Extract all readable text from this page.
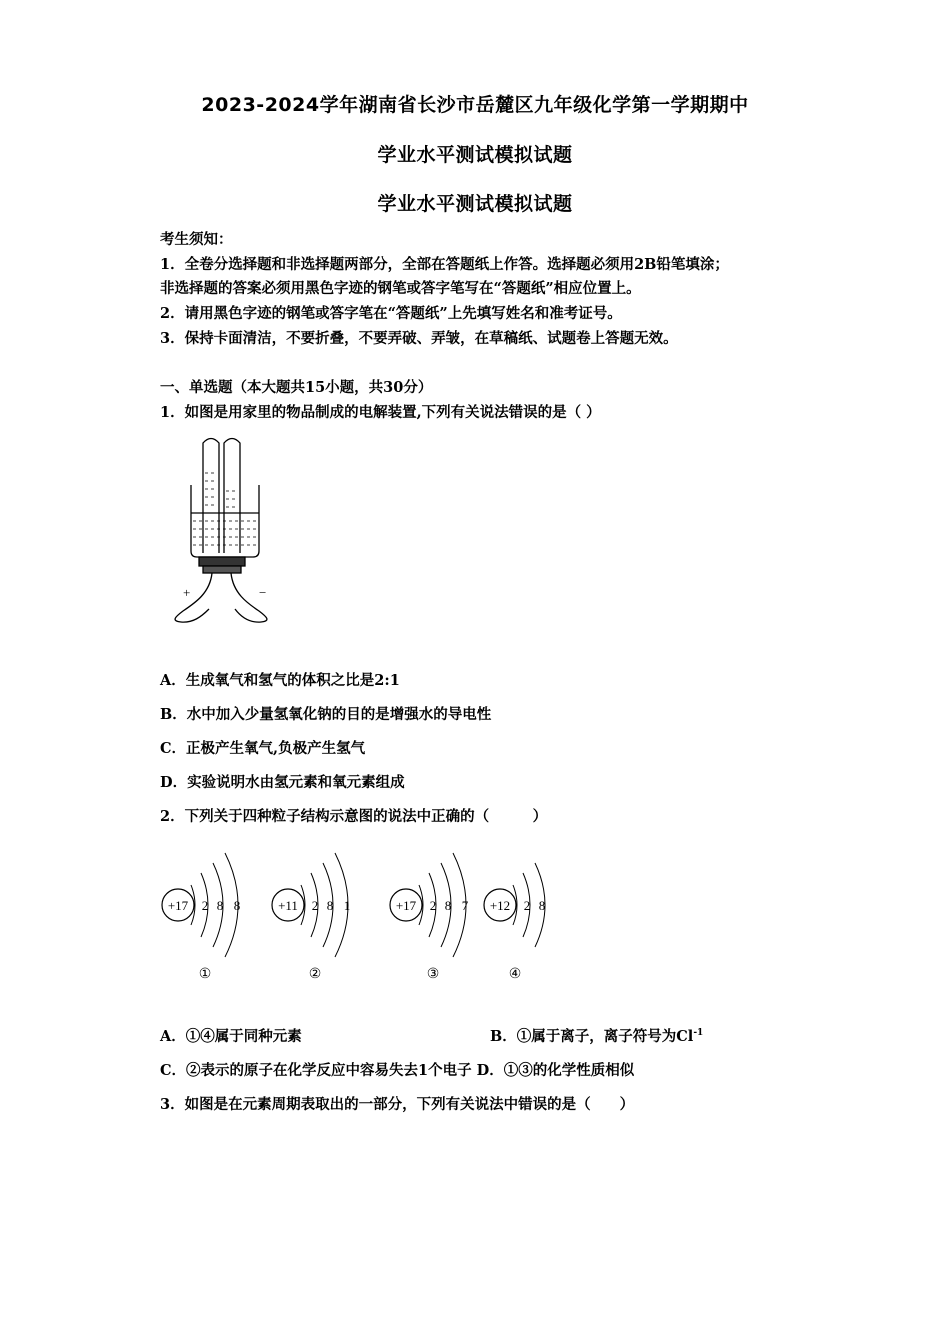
2023-2024学年湖南省长沙市岳麓区九年级化学第一学期期中
学业水平测试模拟试题
学业水平测试模拟试题
考生须知：
1．全卷分选择题和非选择题两部分，全部在答题纸上作答。选择题必须用2B铅笔填涂；
非选择题的答案必须用黑色字迹的钢笔或答字笔写在“答题纸”相应位置上。
2．请用黑色字迹的钢笔或答字笔在“答题纸”上先填写姓名和准考证号。
3．保持卡面清洁，不要折叠，不要弄破、弄皱，在草稿纸、试题卷上答题无效。
一、单选题（本大题共15小题，共30分）
1．如图是用家里的物品制成的电解装置,下列有关说法错误的是（ ）
+	−
A．生成氧气和氢气的体积之比是2:1
B．水中加入少量氢氧化钠的目的是增强水的导电性
C．正极产生氧气,负极产生氢气
D．实验说明水由氢元素和氧元素组成
2．下列关于四种粒子结构示意图的说法中正确的（　　　）
+17 2 8 8
①
+11 2 8 1
②
+17 2 8 7
③
+12 2 8
④
A．①④属于同种元素	B．①属于离子，离子符号为$Cl^{-1}$
C．②表示的原子在化学反应中容易失去1个电子 D．①③的化学性质相似
3．如图是在元素周期表取出的一部分，下列有关说法中错误的是（　　）
